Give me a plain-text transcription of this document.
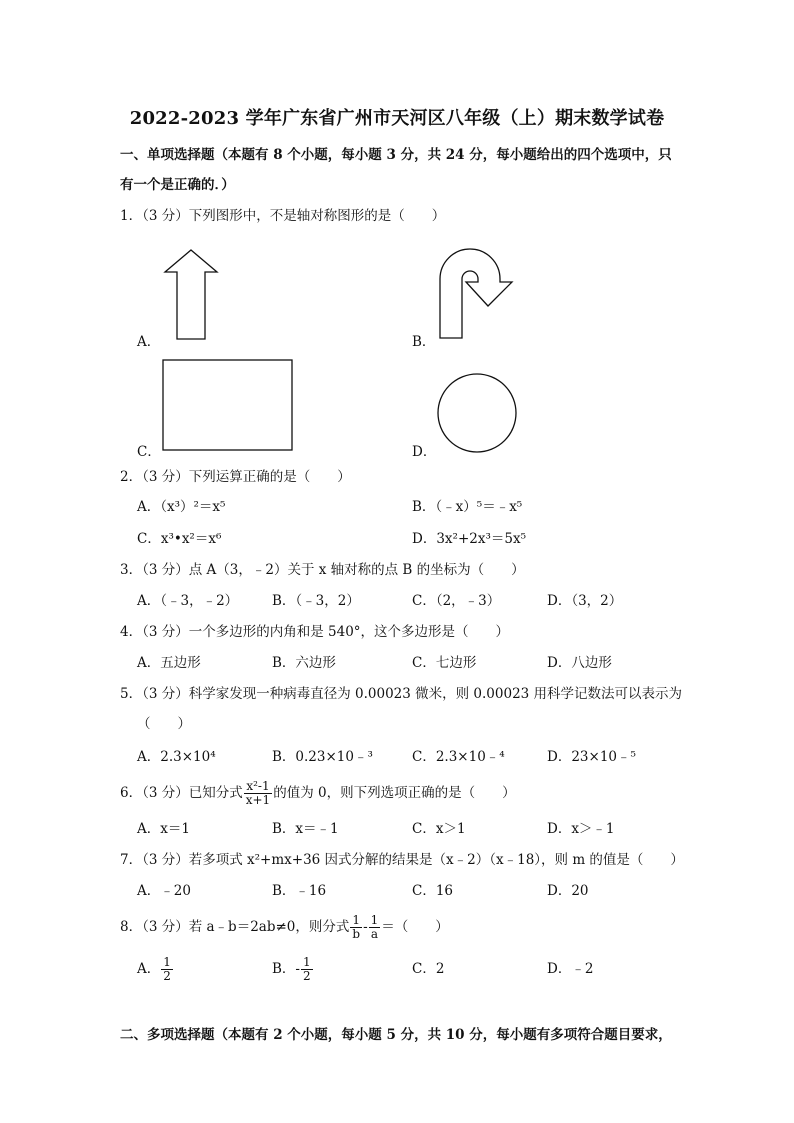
2022-2023 学年广东省广州市天河区八年级（上）期末数学试卷
一、单项选择题（本题有 8 个小题，每小题 3 分，共 24 分，每小题给出的四个选项中，只
有一个是正确的．）
1．（3 分）下列图形中，不是轴对称图形的是（　　）
A．	B．
C．	D．
2．（3 分）下列运算正确的是（　　）
A．（x³）²＝x⁵	B．（﹣x）⁵＝﹣x⁵
C．x³•x²＝x⁶	D．3x²+2x³＝5x⁵
3．（3 分）点 A（3，﹣2）关于 x 轴对称的点 B 的坐标为（　　）
A．（﹣3，﹣2）	B．（﹣3，2）	C．（2，﹣3）	D．（3，2）
4．（3 分）一个多边形的内角和是 540°，这个多边形是（　　）
A．五边形	B．六边形	C．七边形	D．八边形
5．（3 分）科学家发现一种病毒直径为 0.00023 微米，则 0.00023 用科学记数法可以表示为
（　　）
A．2.3×10⁴	B．0.23×10﹣³	C．2.3×10﹣⁴	D．23×10﹣⁵
6．（3 分）已知分式 $\frac{\text{x²-1}}{x+1}$ 的值为 0，则下列选项正确的是（　　）
A．x＝1	B．x＝﹣1	C．x＞1	D．x＞﹣1
7．（3 分）若多项式 x²+mx+36 因式分解的结果是（x﹣2）（x﹣18），则 m 的值是（　　）
A．﹣20	B．﹣16	C．16	D．20
8．（3 分）若 a﹣b＝2ab≠0，则分式 $\frac{1}{b} - \frac{1}{a}$ ＝（　　）
A． $\frac{1}{2}$	B．- $\frac{1}{2}$	C．2	D．﹣2
二、多项选择题（本题有 2 个小题，每小题 5 分，共 10 分，每小题有多项符合题目要求，
